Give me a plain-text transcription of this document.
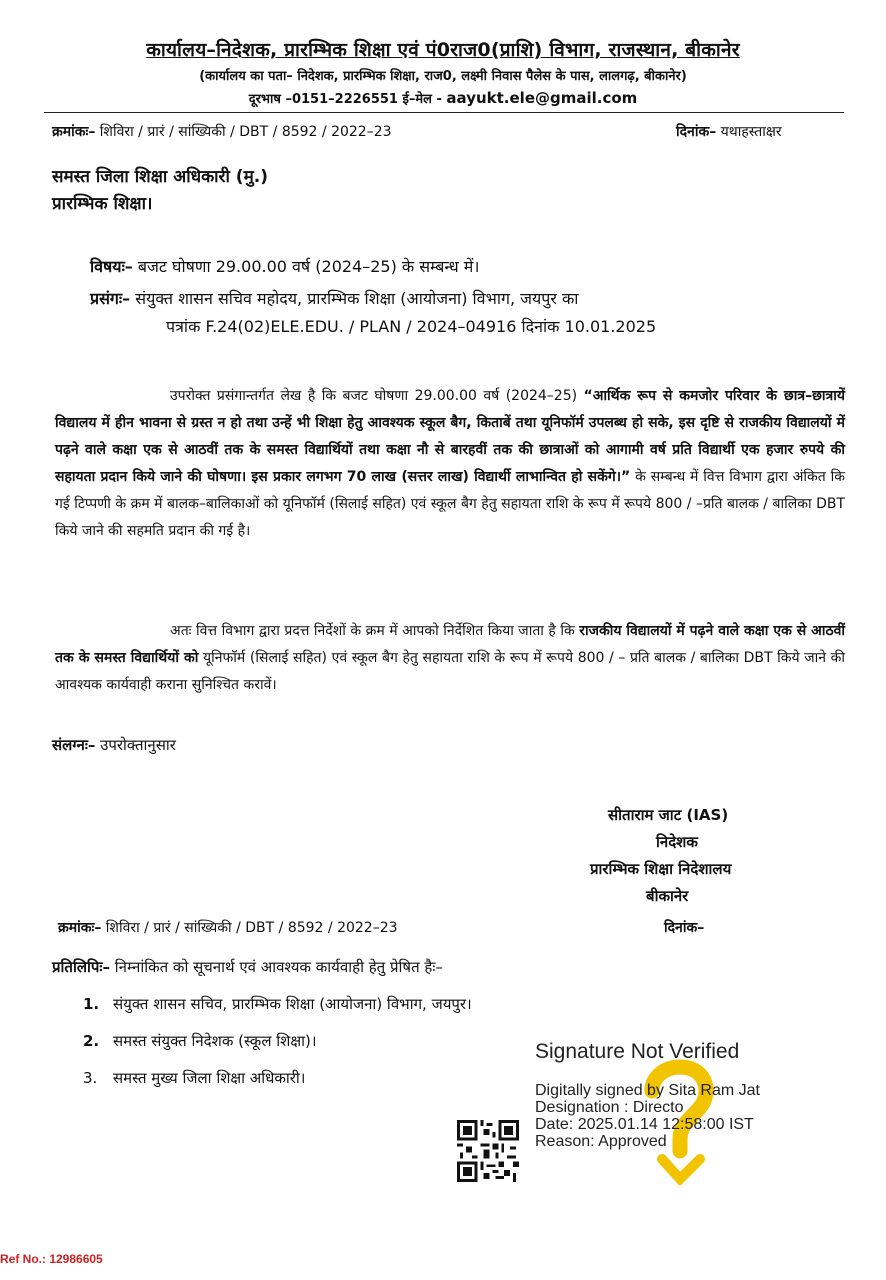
कार्यालय–निदेशक, प्रारम्भिक शिक्षा एवं पं0राज0(प्राशि) विभाग, राजस्थान, बीकानेर
(कार्यालय का पता– निदेशक, प्रारम्भिक शिक्षा, राज0, लक्ष्मी निवास पैलेस के पास, लालगढ़, बीकानेर)
दूरभाष –0151–2226551 ई–मेल - aayukt.ele@gmail.com
क्रमांकः– शिविरा / प्रारं / सांख्यिकी / DBT / 8592 / 2022–23	दिनांक– यथाहस्ताक्षर
समस्त जिला शिक्षा अधिकारी (मु.)
प्रारम्भिक शिक्षा।
विषयः– बजट घोषणा 29.00.00 वर्ष (2024–25) के सम्बन्ध में।
प्रसंगः– संयुक्त शासन सचिव महोदय, प्रारम्भिक शिक्षा (आयोजना) विभाग, जयपुर का
पत्रांक F.24(02)ELE.EDU. / PLAN / 2024–04916 दिनांक 10.01.2025
उपरोक्त प्रसंगान्तर्गत लेख है कि बजट घोषणा 29.00.00 वर्ष (2024–25) “आर्थिक रूप से कमजोर परिवार के छात्र–छात्रायें विद्यालय में हीन भावना से ग्रस्त न हो तथा उन्हें भी शिक्षा हेतु आवश्यक स्कूल बैग, किताबें तथा यूनिफॉर्म उपलब्ध हो सके, इस दृष्टि से राजकीय विद्यालयों में पढ़ने वाले कक्षा एक से आठवीं तक के समस्त विद्यार्थियों तथा कक्षा नौ से बारहवीं तक की छात्राओं को आगामी वर्ष प्रति विद्यार्थी एक हजार रुपये की सहायता प्रदान किये जाने की घोषणा। इस प्रकार लगभग 70 लाख (सत्तर लाख) विद्यार्थी लाभान्वित हो सकेंगे।” के सम्बन्ध में वित्त विभाग द्वारा अंकित कि गई टिप्पणी के क्रम में बालक–बालिकाओं को यूनिफॉर्म (सिलाई सहित) एवं स्कूल बैग हेतु सहायता राशि के रूप में रूपये 800 / –प्रति बालक / बालिका DBT किये जाने की सहमति प्रदान की गई है।
अतः वित्त विभाग द्वारा प्रदत्त निर्देशों के क्रम में आपको निर्देशित किया जाता है कि राजकीय विद्यालयों में पढ़ने वाले कक्षा एक से आठवीं तक के समस्त विद्यार्थियों को यूनिफॉर्म (सिलाई सहित) एवं स्कूल बैग हेतु सहायता राशि के रूप में रूपये 800 / – प्रति बालक / बालिका DBT किये जाने की आवश्यक कार्यवाही कराना सुनिश्चित करावें।
संलग्नः– उपरोक्तानुसार
सीताराम जाट (IAS)
निदेशक
प्रारम्भिक शिक्षा निदेशालय
बीकानेर
क्रमांकः– शिविरा / प्रारं / सांख्यिकी / DBT / 8592 / 2022–23	दिनांक–
प्रतिलिपिः– निम्नांकित को सूचनार्थ एवं आवश्यक कार्यवाही हेतु प्रेषित हैः–
1. संयुक्त शासन सचिव, प्रारम्भिक शिक्षा (आयोजना) विभाग, जयपुर।
2. समस्त संयुक्त निदेशक (स्कूल शिक्षा)।
3. समस्त मुख्य जिला शिक्षा अधिकारी।
Signature Not Verified
Digitally signed by Sita Ram Jat
Designation : Directo
Date: 2025.01.14 12:58:00 IST
Reason: Approved
Ref No.: 12986605
